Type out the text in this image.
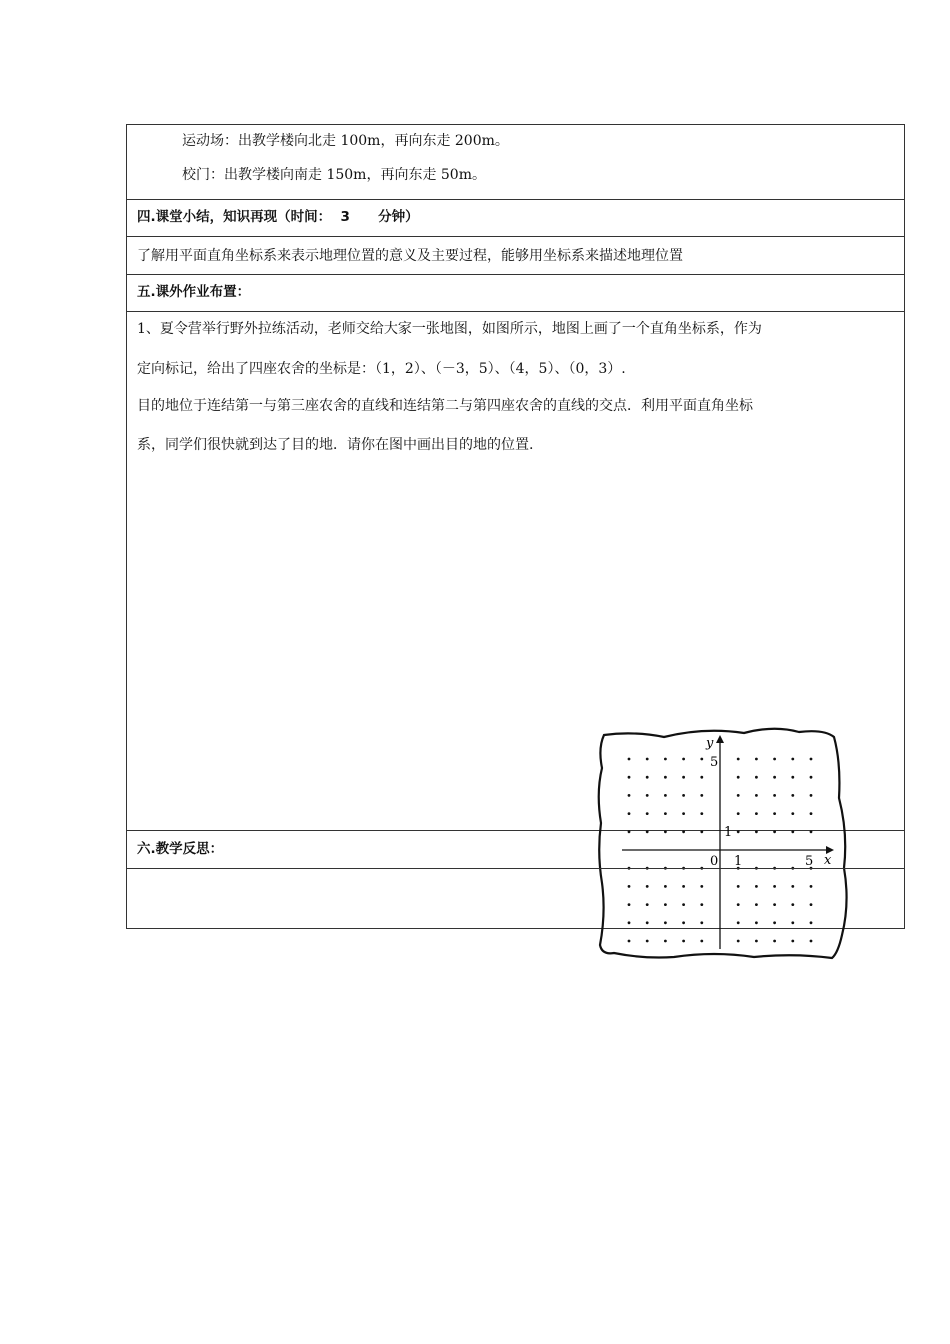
运动场：出教学楼向北走 100m，再向东走 200m。
校门：出教学楼向南走 150m，再向东走 50m。
四.课堂小结，知识再现（时间：  3      分钟）
了解用平面直角坐标系来表示地理位置的意义及主要过程，能够用坐标系来描述地理位置
五.课外作业布置：
1、夏令营举行野外拉练活动，老师交给大家一张地图，如图所示，地图上画了一个直角坐标系，作为
定向标记，给出了四座农舍的坐标是：（1，2）、（－3，5）、（4，5）、（0，3）.
目的地位于连结第一与第三座农舍的直线和连结第二与第四座农舍的直线的交点．利用平面直角坐标
系，同学们很快就到达了目的地．请你在图中画出目的地的位置.
x
y
0 1	5
1
5
六.教学反思：
